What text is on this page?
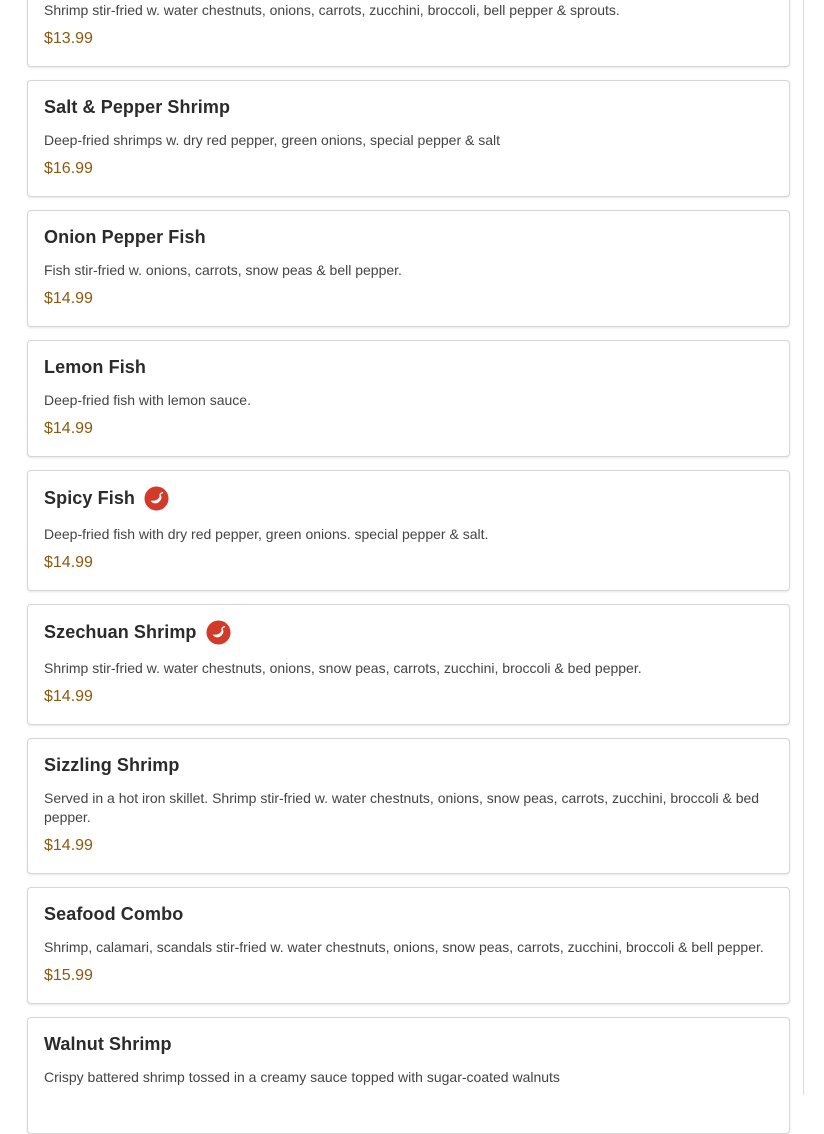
Shrimp stir-fried w. water chestnuts, onions, carrots, zucchini, broccoli, bell pepper & sprouts.
$13.99
Salt & Pepper Shrimp
Deep-fried shrimps w. dry red pepper, green onions, special pepper & salt
$16.99
Onion Pepper Fish
Fish stir-fried w. onions, carrots, snow peas & bell pepper.
$14.99
Lemon Fish
Deep-fried fish with lemon sauce.
$14.99
Spicy Fish
Deep-fried fish with dry red pepper, green onions. special pepper & salt.
$14.99
Szechuan Shrimp
Shrimp stir-fried w. water chestnuts, onions, snow peas, carrots, zucchini, broccoli & bed pepper.
$14.99
Sizzling Shrimp
Served in a hot iron skillet. Shrimp stir-fried w. water chestnuts, onions, snow peas, carrots, zucchini, broccoli & bed pepper.
$14.99
Seafood Combo
Shrimp, calamari, scandals stir-fried w. water chestnuts, onions, snow peas, carrots, zucchini, broccoli & bell pepper.
$15.99
Walnut Shrimp
Crispy battered shrimp tossed in a creamy sauce topped with sugar-coated walnuts
